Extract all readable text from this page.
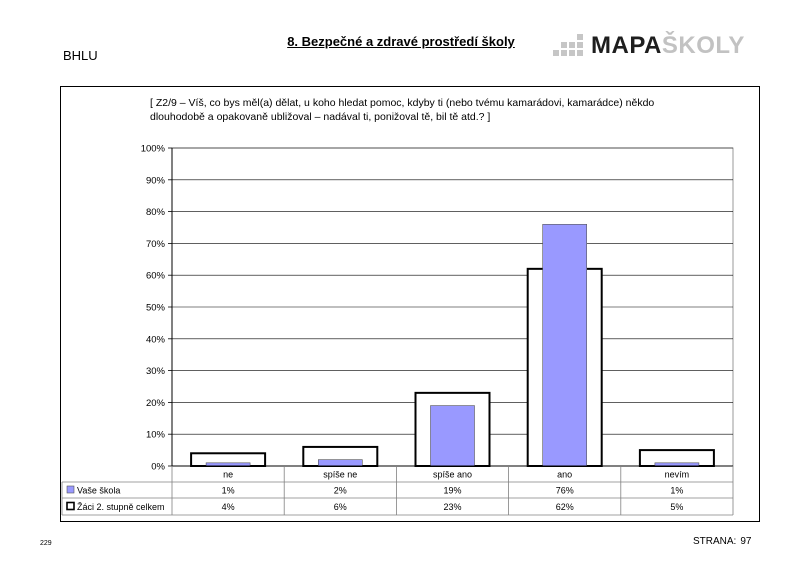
BHLU
8. Bezpečné a zdravé prostředí školy	MAPAŠKOLY
[ Z2/9 – Víš, co bys měl(a) dělat, u koho hledat pomoc, kdyby ti (nebo tvému kamarádovi, kamarádce) někdo dlouhodobě a opakovaně ubližoval – nadával ti, ponižoval tě, bil tě atd.? ]
0%
10%
20%
30%
40%
50%
60%
70%
80%
90%
100%
ne
1%
4%
spíše ne
2%
6%
spíše ano
19%
23%
ano
76%
62%
nevím
1%
5%
Vaše škola
Žáci 2. stupně celkem
229	STRANA: 97
